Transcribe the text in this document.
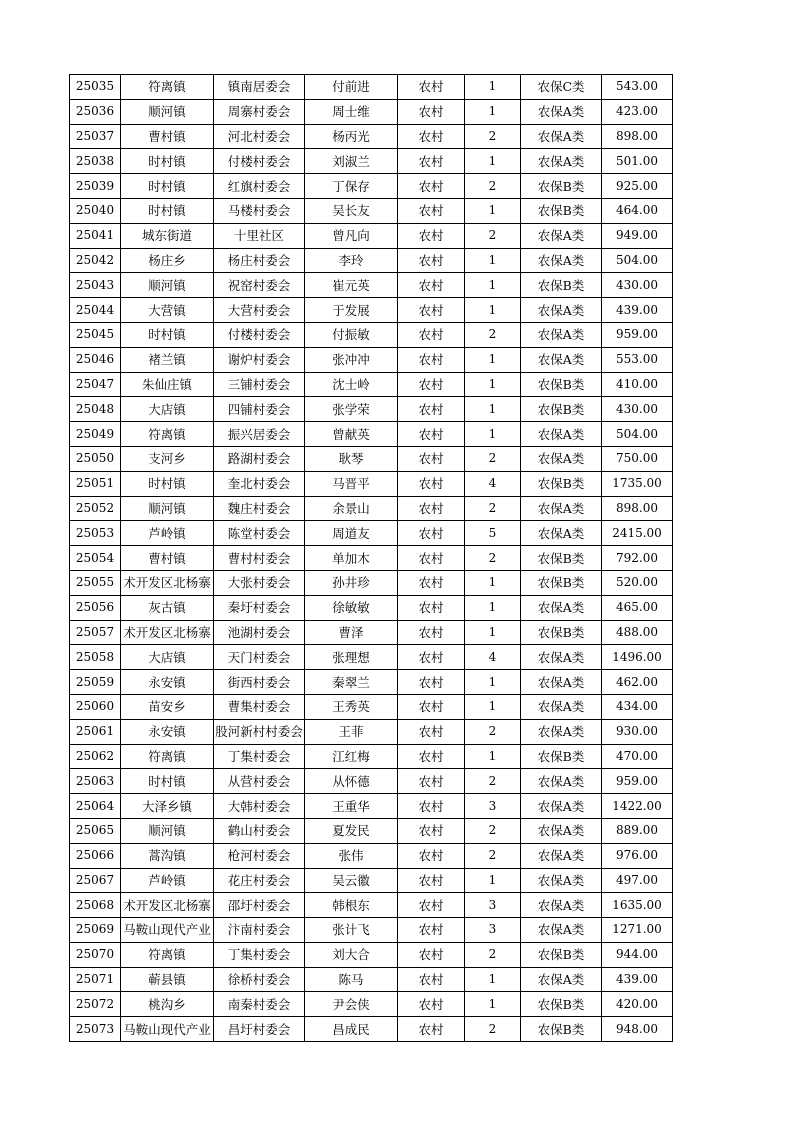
25035	符离镇	镇南居委会	付前进	农村	1	农保C类	543.00
25036	顺河镇	周寨村委会	周士维	农村	1	农保A类	423.00
25037	曹村镇	河北村委会	杨丙光	农村	2	农保A类	898.00
25038	时村镇	付楼村委会	刘淑兰	农村	1	农保A类	501.00
25039	时村镇	红旗村委会	丁保存	农村	2	农保B类	925.00
25040	时村镇	马楼村委会	吴长友	农村	1	农保B类	464.00
25041	城东街道	十里社区	曾凡向	农村	2	农保A类	949.00
25042	杨庄乡	杨庄村委会	李玲	农村	1	农保A类	504.00
25043	顺河镇	祝窑村委会	崔元英	农村	1	农保B类	430.00
25044	大营镇	大营村委会	于发展	农村	1	农保A类	439.00
25045	时村镇	付楼村委会	付振敏	农村	2	农保A类	959.00
25046	褚兰镇	谢炉村委会	张冲冲	农村	1	农保A类	553.00
25047	朱仙庄镇	三铺村委会	沈士岭	农村	1	农保B类	410.00
25048	大店镇	四铺村委会	张学荣	农村	1	农保B类	430.00
25049	符离镇	振兴居委会	曾献英	农村	1	农保A类	504.00
25050	支河乡	路湖村委会	耿琴	农村	2	农保A类	750.00
25051	时村镇	奎北村委会	马晋平	农村	4	农保B类	1735.00
25052	顺河镇	魏庄村委会	余景山	农村	2	农保A类	898.00
25053	芦岭镇	陈堂村委会	周道友	农村	5	农保A类	2415.00
25054	曹村镇	曹村村委会	单加木	农村	2	农保B类	792.00
25055	术开发区北杨寨	大张村委会	孙井珍	农村	1	农保B类	520.00
25056	灰古镇	秦圩村委会	徐敏敏	农村	1	农保A类	465.00
25057	术开发区北杨寨	池湖村委会	曹泽	农村	1	农保B类	488.00
25058	大店镇	天门村委会	张理想	农村	4	农保A类	1496.00
25059	永安镇	街西村委会	秦翠兰	农村	1	农保A类	462.00
25060	苗安乡	曹集村委会	王秀英	农村	1	农保A类	434.00
25061	永安镇	股河新村村委会	王菲	农村	2	农保A类	930.00
25062	符离镇	丁集村委会	江红梅	农村	1	农保B类	470.00
25063	时村镇	从营村委会	从怀德	农村	2	农保A类	959.00
25064	大泽乡镇	大韩村委会	王重华	农村	3	农保A类	1422.00
25065	顺河镇	鹤山村委会	夏发民	农村	2	农保A类	889.00
25066	蒿沟镇	枪河村委会	张伟	农村	2	农保A类	976.00
25067	芦岭镇	花庄村委会	吴云徽	农村	1	农保A类	497.00
25068	术开发区北杨寨	邵圩村委会	韩根东	农村	3	农保A类	1635.00
25069	马鞍山现代产业	汴南村委会	张计飞	农村	3	农保A类	1271.00
25070	符离镇	丁集村委会	刘大合	农村	2	农保B类	944.00
25071	蕲县镇	徐桥村委会	陈马	农村	1	农保A类	439.00
25072	桃沟乡	南秦村委会	尹会侠	农村	1	农保B类	420.00
25073	马鞍山现代产业	昌圩村委会	昌成民	农村	2	农保B类	948.00
